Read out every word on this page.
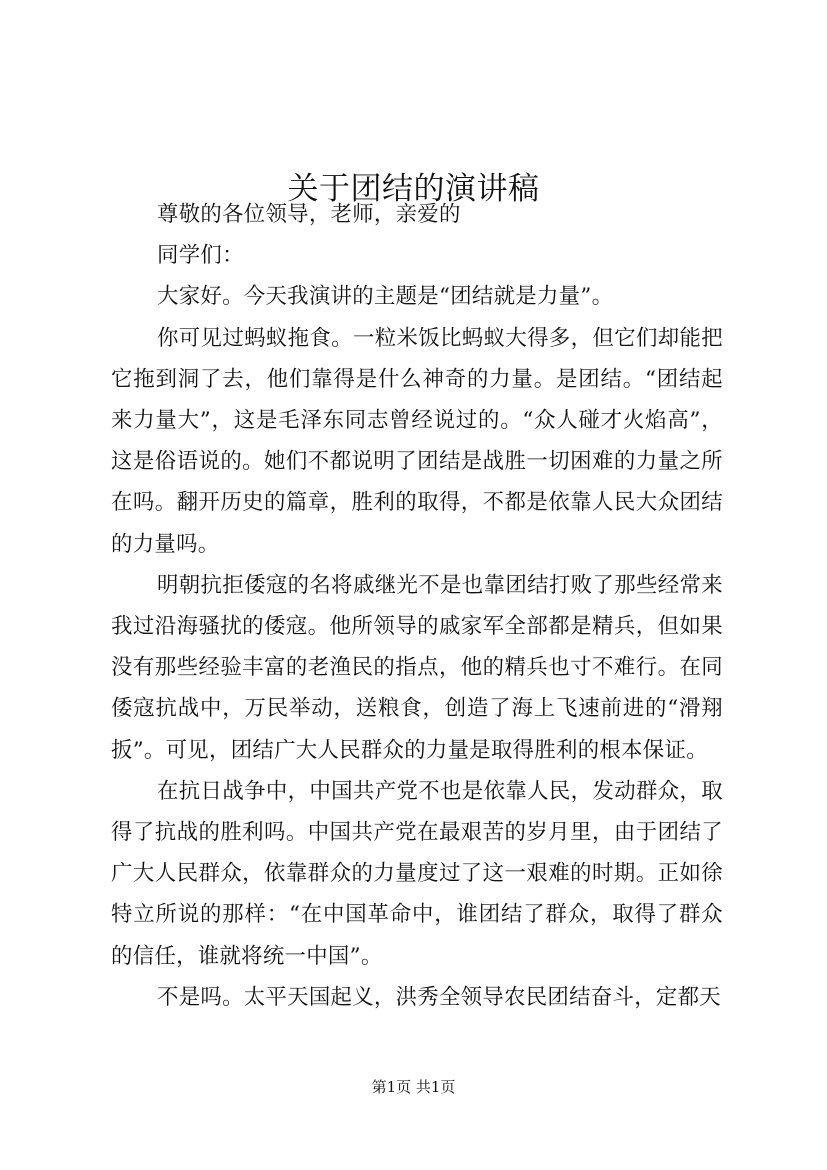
关于团结的演讲稿

尊敬的各位领导，老师，亲爱的

同学们：

大家好。今天我演讲的主题是“团结就是力量”。

你可见过蚂蚁拖食。一粒米饭比蚂蚁大得多，但它们却能把它拖到洞了去，他们靠得是什么神奇的力量。是团结。“团结起来力量大”，这是毛泽东同志曾经说过的。“众人碰才火焰高”，这是俗语说的。她们不都说明了团结是战胜一切困难的力量之所在吗。翻开历史的篇章，胜利的取得，不都是依靠人民大众团结的力量吗。

明朝抗拒倭寇的名将戚继光不是也靠团结打败了那些经常来我过沿海骚扰的倭寇。他所领导的戚家军全部都是精兵，但如果没有那些经验丰富的老渔民的指点，他的精兵也寸不难行。在同倭寇抗战中，万民举动，送粮食，创造了海上飞速前进的“滑翔扳”。可见，团结广大人民群众的力量是取得胜利的根本保证。

在抗日战争中，中国共产党不也是依靠人民，发动群众，取得了抗战的胜利吗。中国共产党在最艰苦的岁月里，由于团结了广大人民群众，依靠群众的力量度过了这一艰难的时期。正如徐特立所说的那样：“在中国革命中，谁团结了群众，取得了群众的信任，谁就将统一中国”。

不是吗。太平天国起义，洪秀全领导农民团结奋斗，定都天

第1页 共1页
